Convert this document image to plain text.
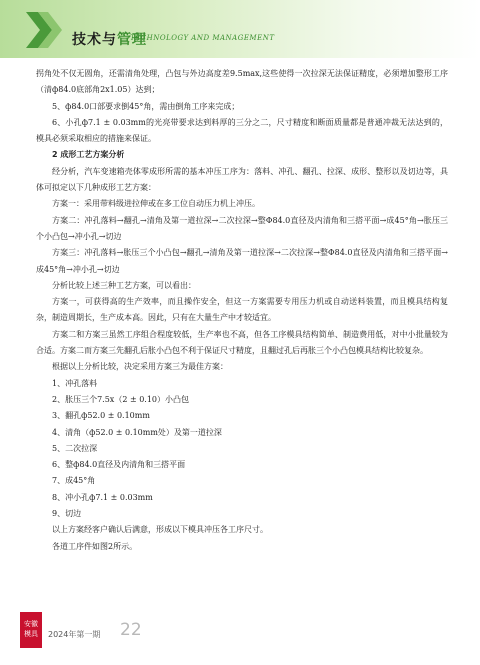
技术与管理
TECHNOLOGY AND MANAGEMENT

拐角处不仅无圆角，还需清角处理，凸包与外边高度差9.5max,这些使得一次拉深无法保证精度，必须增加整形工序（清ф84.0底部角2x1.05）达到；

5、ф84.0口部要求倒45°角，需由倒角工序来完成；

6、小孔ф7.1 ± 0.03mm的光亮带要求达到料厚的三分之二，尺寸精度和断面质量都是普通冲裁无法达到的，模具必须采取相应的措施来保证。

2 成形工艺方案分析

经分析，汽车变速箱壳体零成形所需的基本冲压工序为：落料、冲孔、翻孔、拉深、成形、整形以及切边等，具体可拟定以下几种成形工艺方案：

方案一：采用带料级进拉伸或在多工位自动压力机上冲压。

方案二：冲孔落料→翻孔→清角及第一道拉深→二次拉深→整Φ84.0直径及内清角和三搭平面→成45°角→胀压三个小凸包→冲小孔→切边

方案三：冲孔落料→胀压三个小凸包→翻孔→清角及第一道拉深→二次拉深→整Φ84.0直径及内清角和三搭平面→成45°角→冲小孔→切边

分析比较上述三种工艺方案，可以看出：

方案一，可获得高的生产效率，而且操作安全，但这一方案需要专用压力机或自动送料装置，而且模具结构复杂，制造周期长，生产成本高。因此，只有在大量生产中才较适宜。

方案二和方案三虽然工序组合程度较低，生产率也不高，但各工序模具结构简单、制造费用低，对中小批量较为合适。方案二而方案三先翻孔后胀小凸包不利于保证尺寸精度，且翻过孔后再胀三个小凸包模具结构比较复杂。

根据以上分析比较，决定采用方案三为最佳方案：

1、冲孔落料

2、胀压三个7.5x（2 ± 0.10）小凸包

3、翻孔ф52.0 ± 0.10mm

4、清角（ф52.0 ± 0.10mm处）及第一道拉深

5、二次拉深

6、整ф84.0直径及内清角和三搭平面

7、成45°角

8、冲小孔ф7.1 ± 0.03mm

9、切边

以上方案经客户确认后满意，形成以下模具冲压各工序尺寸。

各道工序件如图2所示。

安徽
模具	2024年第一期 22
